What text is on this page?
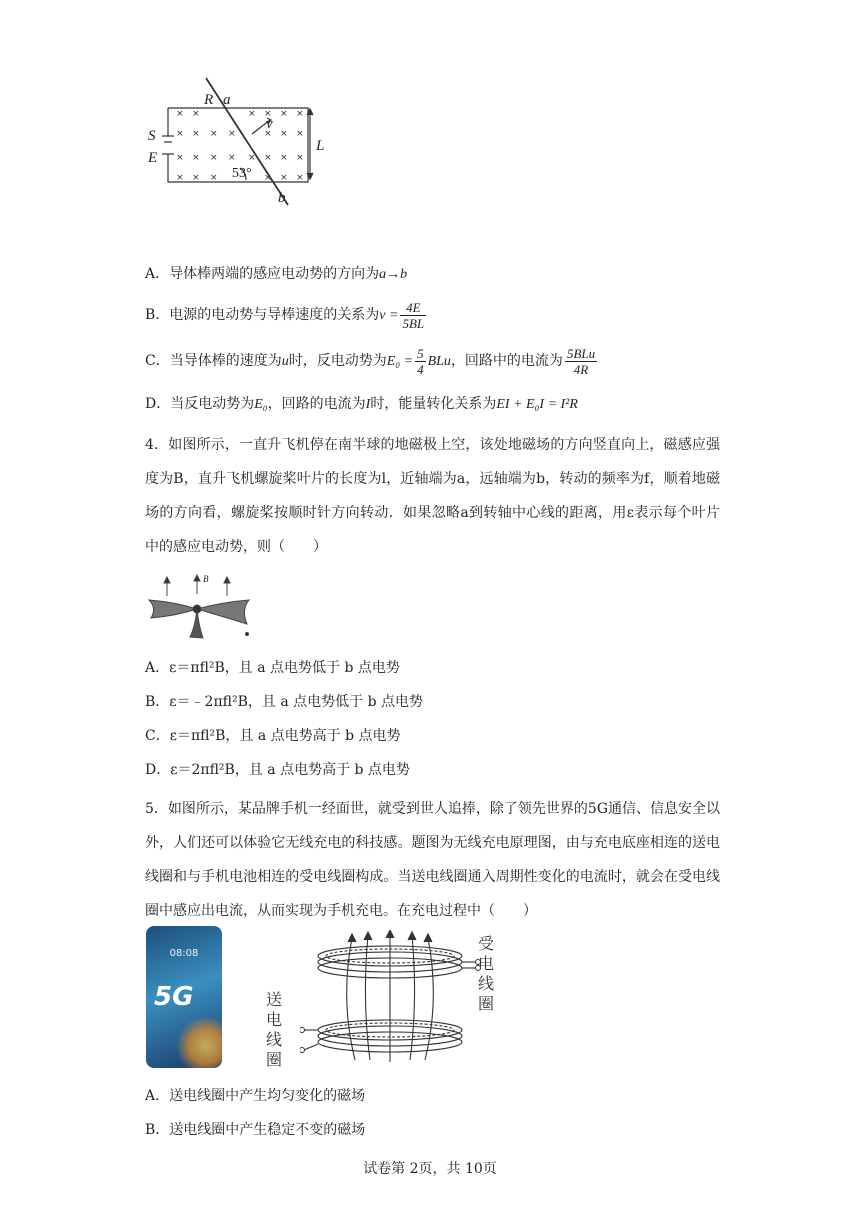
×
×
×
×
×
×
×
×
×
×
×
× ×
× × × ×
× × ×
× × × ×
× × ×
R a
v
S
E
L
b
53°
A．导体棒两端的感应电动势的方向为a→b
B．电源的电动势与导棒速度的关系为$v = \frac{4E}{5BL}$
C．当导体棒的速度为u时，反电动势为$E_0 = \frac{5}{4}$ BLu，回路中的电流为 $\frac{\text{5BLu}}{4R}$
D．当反电动势为E₀，回路的电流为I时，能量转化关系为EI + E₀I = I²R
4．如图所示，一直升飞机停在南半球的地磁极上空，该处地磁场的方向竖直向上，磁感应强度为B，直升飞机螺旋桨叶片的长度为l，近轴端为a，远轴端为b，转动的频率为f，顺着地磁场的方向看，螺旋桨按顺时针方向转动．如果忽略a到转轴中心线的距离，用ε表示每个叶片中的感应电动势，则（　　）
B
A．ε＝πfl²B，且 a 点电势低于 b 点电势
B．ε＝﹣2πfl²B，且 a 点电势低于 b 点电势
C．ε＝πfl²B，且 a 点电势高于 b 点电势
D．ε＝2πfl²B，且 a 点电势高于 b 点电势
5．如图所示，某品牌手机一经面世，就受到世人追捧，除了领先世界的5G通信、信息安全以外，人们还可以体验它无线充电的科技感。题图为无线充电原理图，由与充电底座相连的送电线圈和与手机电池相连的受电线圈构成。当送电线圈通入周期性变化的电流时，就会在受电线圈中感应出电流，从而实现为手机充电。在充电过程中（　　）
08:08
5G
受电线圈
送电线圈
A．送电线圈中产生均匀变化的磁场
B．送电线圈中产生稳定不变的磁场
试卷第 2页，共 10页
